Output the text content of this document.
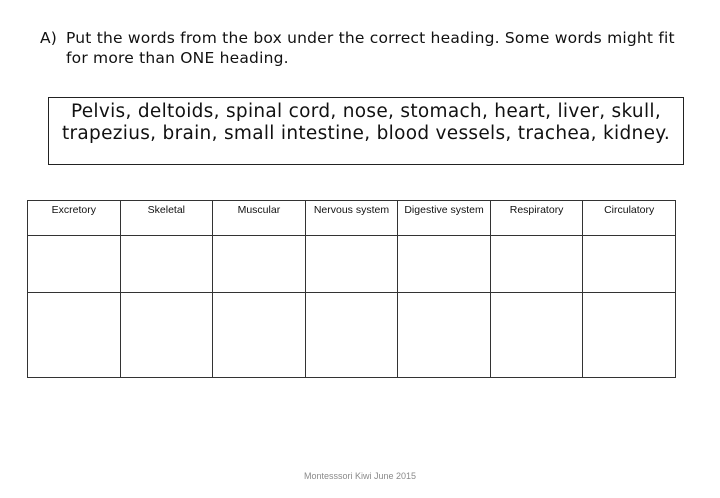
A) Put the words from the box under the correct heading. Some words might fit for more than ONE heading.
Pelvis, deltoids, spinal cord, nose, stomach, heart, liver, skull, trapezius, brain, small intestine, blood vessels, trachea, kidney.
Excretory	Skeletal	Muscular	Nervous system	Digestive system	Respiratory	Circulatory

Montesssori Kiwi June 2015
